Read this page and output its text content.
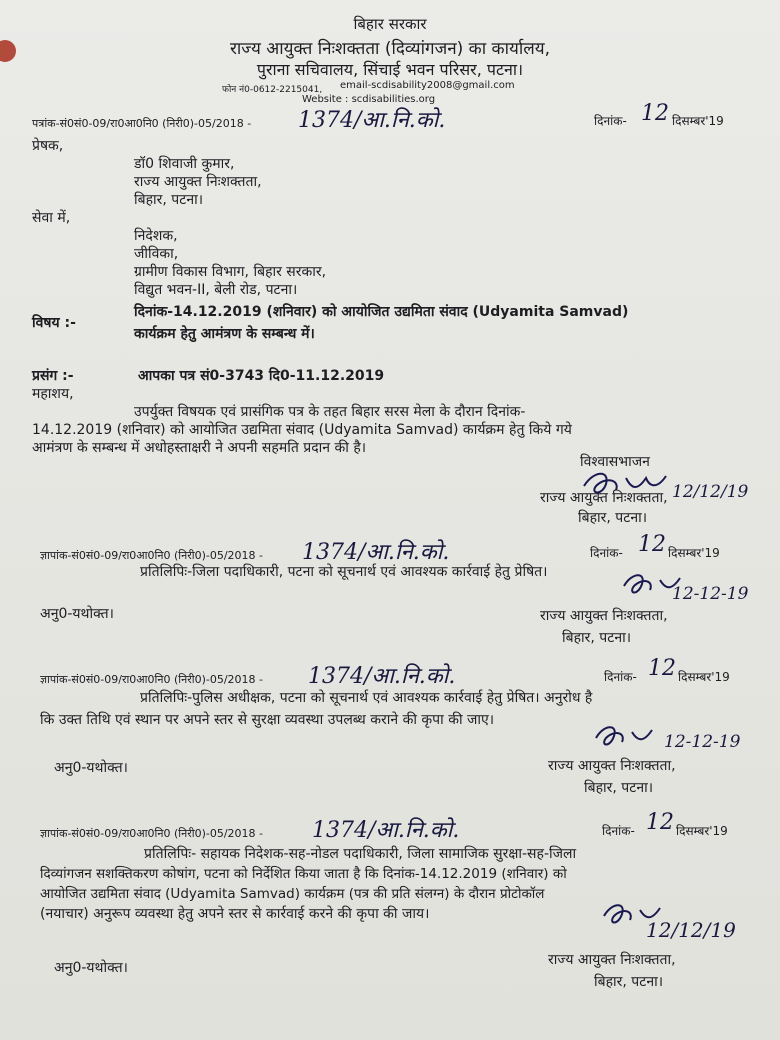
बिहार सरकार
राज्य आयुक्त निःशक्तता (दिव्यांगजन) का कार्यालय,
पुराना सचिवालय, सिंचाई भवन परिसर, पटना।
फोन नं0-0612-2215041, email-scdisability2008@gmail.com
Website : scdisabilities.org
पत्रांक-सं0सं0-09/रा0आ0नि0 (निरी0)-05/2018 - 1374/आ.नि.को.	दिनांक- 12 दिसम्बर'19
प्रेषक,
डॉ0 शिवाजी कुमार,
राज्य आयुक्त निःशक्तता,
बिहार, पटना।
सेवा में,
निदेशक,
जीविका,
ग्रामीण विकास विभाग, बिहार सरकार,
विद्युत भवन-II, बेली रोड, पटना।
विषय :-
दिनांक-14.12.2019 (शनिवार) को आयोजित उद्यमिता संवाद (Udyamita Samvad)
कार्यक्रम हेतु आमंत्रण के सम्बन्ध में।
प्रसंग :-	आपका पत्र सं0-3743 दि0-11.12.2019
महाशय,
उपर्युक्त विषयक एवं प्रासंगिक पत्र के तहत बिहार सरस मेला के दौरान दिनांक-
14.12.2019 (शनिवार) को आयोजित उद्यमिता संवाद (Udyamita Samvad) कार्यक्रम हेतु किये गये
आमंत्रण के सम्बन्ध में अधोहस्ताक्षरी ने अपनी सहमति प्रदान की है।
विश्वासभाजन
12/12/19
राज्य आयुक्त निःशक्तता,
बिहार, पटना।
ज्ञापांक-सं0सं0-09/रा0आ0नि0 (निरी0)-05/2018 - 1374/आ.नि.को.	दिनांक- 12 दिसम्बर'19
प्रतिलिपिः-जिला पदाधिकारी, पटना को सूचनार्थ एवं आवश्यक कार्रवाई हेतु प्रेषित।
12-12-19
अनु0-यथोक्त।	राज्य आयुक्त निःशक्तता,
बिहार, पटना।
ज्ञापांक-सं0सं0-09/रा0आ0नि0 (निरी0)-05/2018 - 1374/आ.नि.को.	दिनांक- 12 दिसम्बर'19
प्रतिलिपिः-पुलिस अधीक्षक, पटना को सूचनार्थ एवं आवश्यक कार्रवाई हेतु प्रेषित। अनुरोध है
कि उक्त तिथि एवं स्थान पर अपने स्तर से सुरक्षा व्यवस्था उपलब्ध कराने की कृपा की जाए।
12-12-19
अनु0-यथोक्त।	राज्य आयुक्त निःशक्तता,
बिहार, पटना।
ज्ञापांक-सं0सं0-09/रा0आ0नि0 (निरी0)-05/2018 - 1374/आ.नि.को.	दिनांक- 12 दिसम्बर'19
प्रतिलिपिः- सहायक निदेशक-सह-नोडल पदाधिकारी, जिला सामाजिक सुरक्षा-सह-जिला
दिव्यांगजन सशक्तिकरण कोषांग, पटना को निर्देशित किया जाता है कि दिनांक-14.12.2019 (शनिवार) को
आयोजित उद्यमिता संवाद (Udyamita Samvad) कार्यक्रम (पत्र की प्रति संलग्न) के दौरान प्रोटोकॉल
(नयाचार) अनुरूप व्यवस्था हेतु अपने स्तर से कार्रवाई करने की कृपा की जाय।
12/12/19
अनु0-यथोक्त।	राज्य आयुक्त निःशक्तता,
बिहार, पटना।
